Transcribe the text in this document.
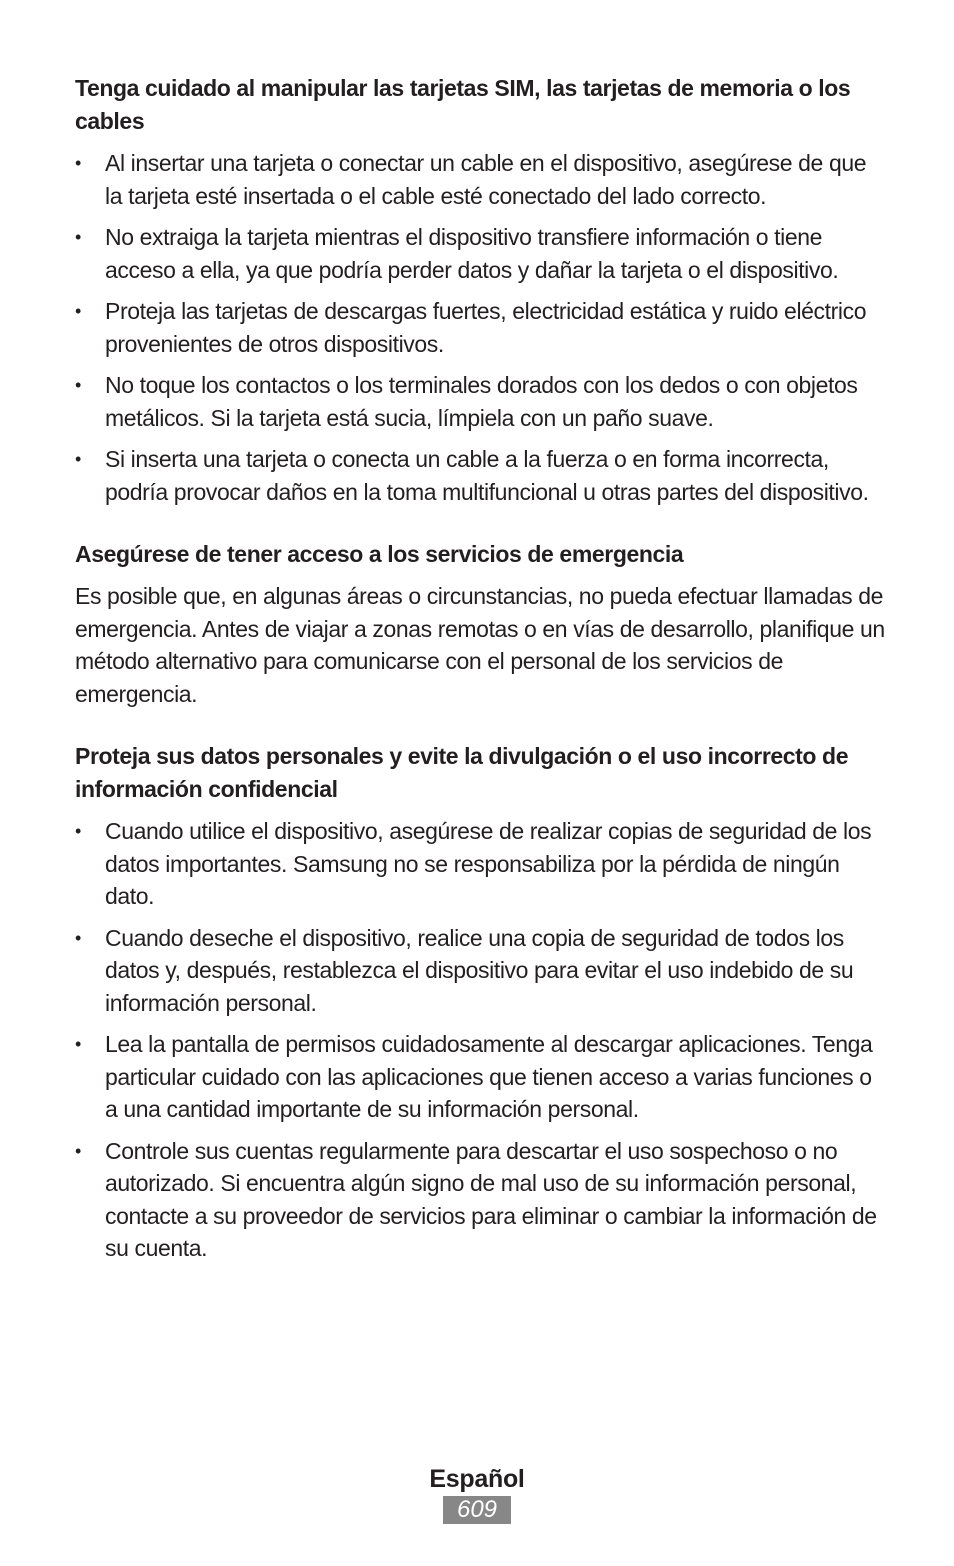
Tenga cuidado al manipular las tarjetas SIM, las tarjetas de memoria o los cables
• Al insertar una tarjeta o conectar un cable en el dispositivo, asegúrese de que la tarjeta esté insertada o el cable esté conectado del lado correcto.
• No extraiga la tarjeta mientras el dispositivo transfiere información o tiene acceso a ella, ya que podría perder datos y dañar la tarjeta o el dispositivo.
• Proteja las tarjetas de descargas fuertes, electricidad estática y ruido eléctrico provenientes de otros dispositivos.
• No toque los contactos o los terminales dorados con los dedos o con objetos metálicos. Si la tarjeta está sucia, límpiela con un paño suave.
• Si inserta una tarjeta o conecta un cable a la fuerza o en forma incorrecta, podría provocar daños en la toma multifuncional u otras partes del dispositivo.
Asegúrese de tener acceso a los servicios de emergencia

Es posible que, en algunas áreas o circunstancias, no pueda efectuar llamadas de emergencia. Antes de viajar a zonas remotas o en vías de desarrollo, planifique un método alternativo para comunicarse con el personal de los servicios de emergencia.

Proteja sus datos personales y evite la divulgación o el uso incorrecto de información confidencial
• Cuando utilice el dispositivo, asegúrese de realizar copias de seguridad de los datos importantes. Samsung no se responsabiliza por la pérdida de ningún dato.
• Cuando deseche el dispositivo, realice una copia de seguridad de todos los datos y, después, restablezca el dispositivo para evitar el uso indebido de su información personal.
• Lea la pantalla de permisos cuidadosamente al descargar aplicaciones. Tenga particular cuidado con las aplicaciones que tienen acceso a varias funciones o a una cantidad importante de su información personal.
• Controle sus cuentas regularmente para descartar el uso sospechoso o no autorizado. Si encuentra algún signo de mal uso de su información personal, contacte a su proveedor de servicios para eliminar o cambiar la información de su cuenta.
Español
609
